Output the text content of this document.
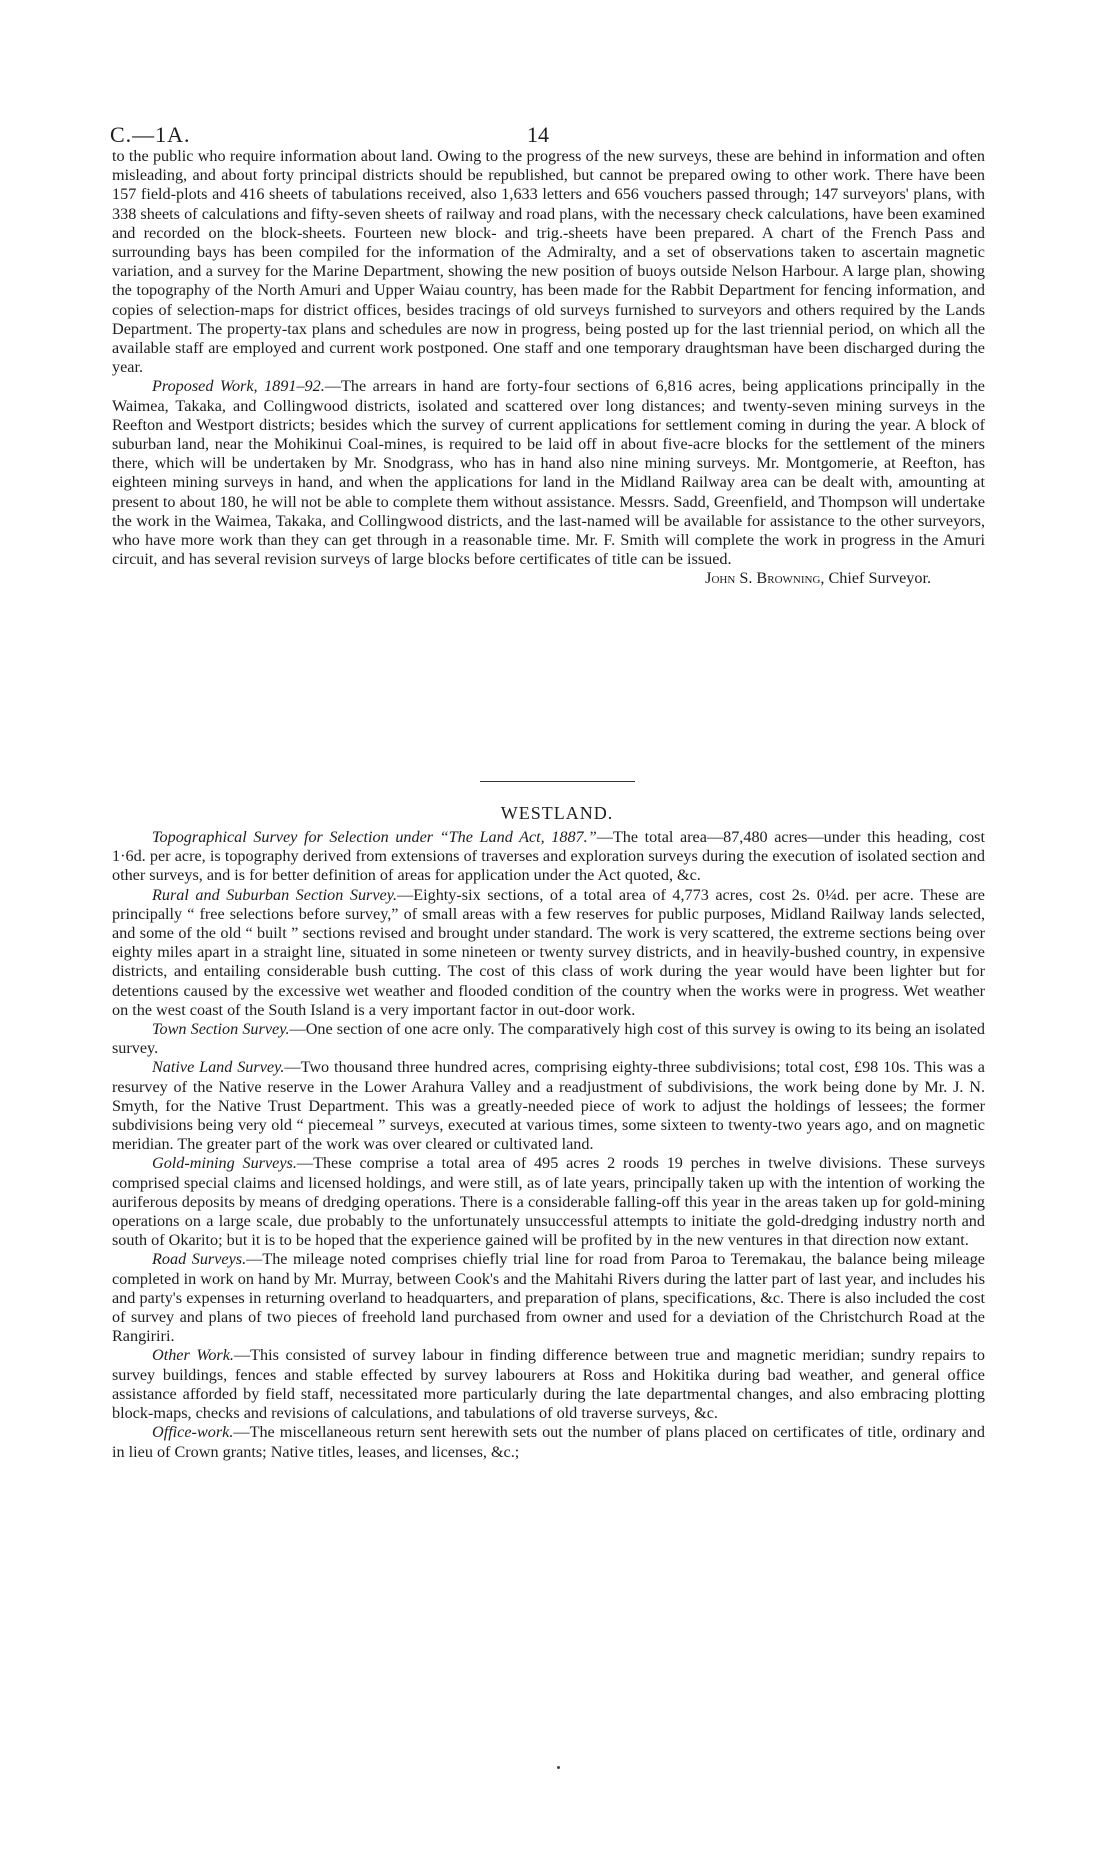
C.—1A.	14

to the public who require information about land. Owing to the progress of the new surveys, these are behind in information and often misleading, and about forty principal districts should be republished, but cannot be prepared owing to other work. There have been 157 field-plots and 416 sheets of tabulations received, also 1,633 letters and 656 vouchers passed through; 147 surveyors' plans, with 338 sheets of calculations and fifty-seven sheets of railway and road plans, with the necessary check calculations, have been examined and recorded on the block-sheets. Fourteen new block- and trig.-sheets have been prepared. A chart of the French Pass and surrounding bays has been compiled for the information of the Admiralty, and a set of observations taken to ascertain magnetic variation, and a survey for the Marine Department, showing the new position of buoys outside Nelson Harbour. A large plan, showing the topography of the North Amuri and Upper Waiau country, has been made for the Rabbit Department for fencing information, and copies of selection-maps for district offices, besides tracings of old surveys furnished to surveyors and others required by the Lands Department. The property-tax plans and schedules are now in progress, being posted up for the last triennial period, on which all the available staff are employed and current work postponed. One staff and one temporary draughtsman have been discharged during the year.

Proposed Work, 1891–92.—The arrears in hand are forty-four sections of 6,816 acres, being applications principally in the Waimea, Takaka, and Collingwood districts, isolated and scattered over long distances; and twenty-seven mining surveys in the Reefton and Westport districts; besides which the survey of current applications for settlement coming in during the year. A block of suburban land, near the Mohikinui Coal-mines, is required to be laid off in about five-acre blocks for the settlement of the miners there, which will be undertaken by Mr. Snodgrass, who has in hand also nine mining surveys. Mr. Montgomerie, at Reefton, has eighteen mining surveys in hand, and when the applications for land in the Midland Railway area can be dealt with, amounting at present to about 180, he will not be able to complete them without assistance. Messrs. Sadd, Greenfield, and Thompson will undertake the work in the Waimea, Takaka, and Collingwood districts, and the last-named will be available for assistance to the other surveyors, who have more work than they can get through in a reasonable time. Mr. F. Smith will complete the work in progress in the Amuri circuit, and has several revision surveys of large blocks before certificates of title can be issued.

John S. Browning, Chief Surveyor.
WESTLAND.

Topographical Survey for Selection under “The Land Act, 1887.”—The total area—87,480 acres—under this heading, cost 1·6d. per acre, is topography derived from extensions of traverses and exploration surveys during the execution of isolated section and other surveys, and is for better definition of areas for application under the Act quoted, &c.

Rural and Suburban Section Survey.—Eighty-six sections, of a total area of 4,773 acres, cost 2s. 0¼d. per acre. These are principally “ free selections before survey,” of small areas with a few reserves for public purposes, Midland Railway lands selected, and some of the old “ built ” sections revised and brought under standard. The work is very scattered, the extreme sections being over eighty miles apart in a straight line, situated in some nineteen or twenty survey districts, and in heavily-bushed country, in expensive districts, and entailing considerable bush cutting. The cost of this class of work during the year would have been lighter but for detentions caused by the excessive wet weather and flooded condition of the country when the works were in progress. Wet weather on the west coast of the South Island is a very important factor in out-door work.

Town Section Survey.—One section of one acre only. The comparatively high cost of this survey is owing to its being an isolated survey.

Native Land Survey.—Two thousand three hundred acres, comprising eighty-three subdivisions; total cost, £98 10s. This was a resurvey of the Native reserve in the Lower Arahura Valley and a readjustment of subdivisions, the work being done by Mr. J. N. Smyth, for the Native Trust Department. This was a greatly-needed piece of work to adjust the holdings of lessees; the former subdivisions being very old “ piecemeal ” surveys, executed at various times, some sixteen to twenty-two years ago, and on magnetic meridian. The greater part of the work was over cleared or cultivated land.

Gold-mining Surveys.—These comprise a total area of 495 acres 2 roods 19 perches in twelve divisions. These surveys comprised special claims and licensed holdings, and were still, as of late years, principally taken up with the intention of working the auriferous deposits by means of dredging operations. There is a considerable falling-off this year in the areas taken up for gold-mining operations on a large scale, due probably to the unfortunately unsuccessful attempts to initiate the gold-dredging industry north and south of Okarito; but it is to be hoped that the experience gained will be profited by in the new ventures in that direction now extant.

Road Surveys.—The mileage noted comprises chiefly trial line for road from Paroa to Teremakau, the balance being mileage completed in work on hand by Mr. Murray, between Cook's and the Mahitahi Rivers during the latter part of last year, and includes his and party's expenses in returning overland to headquarters, and preparation of plans, specifications, &c. There is also included the cost of survey and plans of two pieces of freehold land purchased from owner and used for a deviation of the Christchurch Road at the Rangiriri.

Other Work.—This consisted of survey labour in finding difference between true and magnetic meridian; sundry repairs to survey buildings, fences and stable effected by survey labourers at Ross and Hokitika during bad weather, and general office assistance afforded by field staff, necessitated more particularly during the late departmental changes, and also embracing plotting block-maps, checks and revisions of calculations, and tabulations of old traverse surveys, &c.

Office-work.—The miscellaneous return sent herewith sets out the number of plans placed on certificates of title, ordinary and in lieu of Crown grants; Native titles, leases, and licenses, &c.;
